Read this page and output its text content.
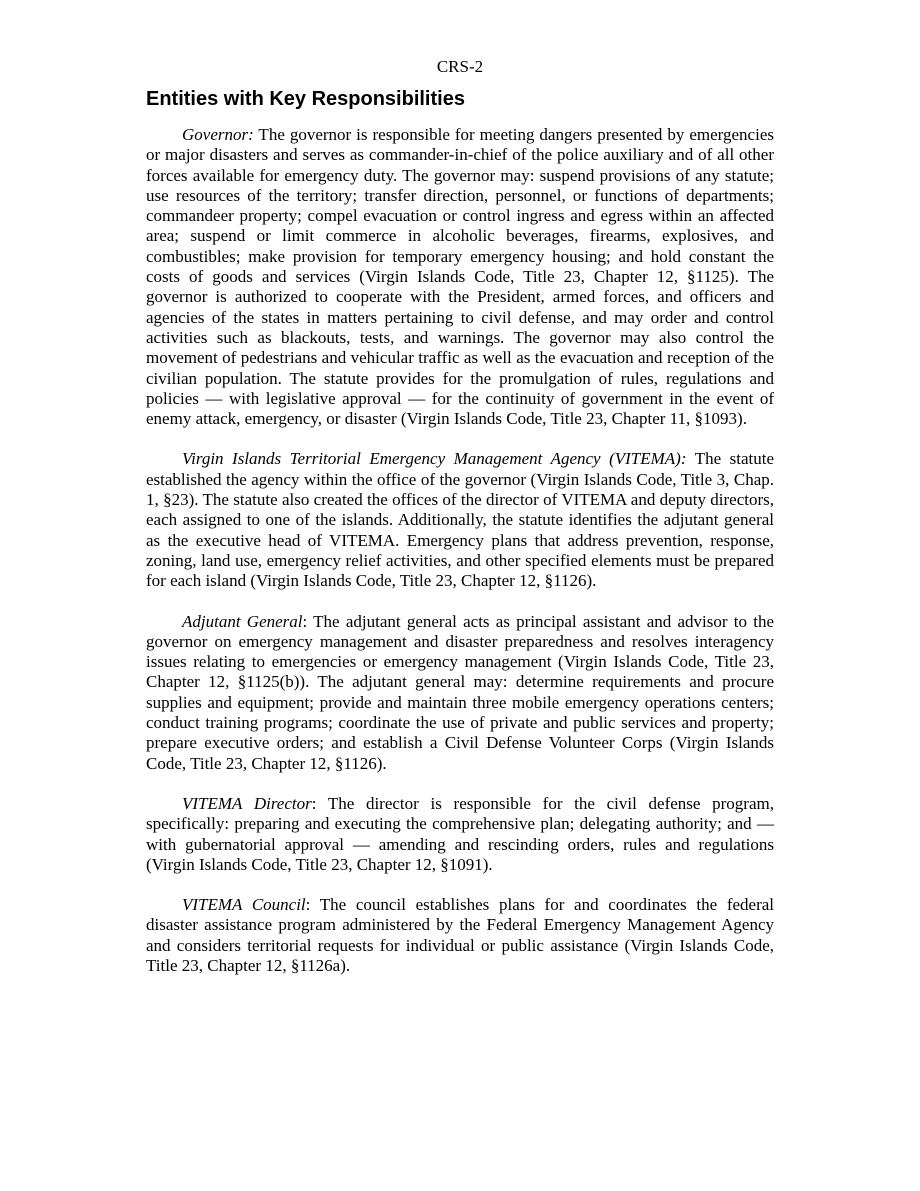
CRS-2
Entities with Key Responsibilities

Governor: The governor is responsible for meeting dangers presented by emergencies or major disasters and serves as commander-in-chief of the police auxiliary and of all other forces available for emergency duty. The governor may: suspend provisions of any statute; use resources of the territory; transfer direction, personnel, or functions of departments; commandeer property; compel evacuation or control ingress and egress within an affected area; suspend or limit commerce in alcoholic beverages, firearms, explosives, and combustibles; make provision for temporary emergency housing; and hold constant the costs of goods and services (Virgin Islands Code, Title 23, Chapter 12, §1125). The governor is authorized to cooperate with the President, armed forces, and officers and agencies of the states in matters pertaining to civil defense, and may order and control activities such as blackouts, tests, and warnings. The governor may also control the movement of pedestrians and vehicular traffic as well as the evacuation and reception of the civilian population. The statute provides for the promulgation of rules, regulations and policies — with legislative approval — for the continuity of government in the event of enemy attack, emergency, or disaster (Virgin Islands Code, Title 23, Chapter 11, §1093).

Virgin Islands Territorial Emergency Management Agency (VITEMA): The statute established the agency within the office of the governor (Virgin Islands Code, Title 3, Chap. 1, §23). The statute also created the offices of the director of VITEMA and deputy directors, each assigned to one of the islands. Additionally, the statute identifies the adjutant general as the executive head of VITEMA. Emergency plans that address prevention, response, zoning, land use, emergency relief activities, and other specified elements must be prepared for each island (Virgin Islands Code, Title 23, Chapter 12, §1126).

Adjutant General: The adjutant general acts as principal assistant and advisor to the governor on emergency management and disaster preparedness and resolves interagency issues relating to emergencies or emergency management (Virgin Islands Code, Title 23, Chapter 12, §1125(b)). The adjutant general may: determine requirements and procure supplies and equipment; provide and maintain three mobile emergency operations centers; conduct training programs; coordinate the use of private and public services and property; prepare executive orders; and establish a Civil Defense Volunteer Corps (Virgin Islands Code, Title 23, Chapter 12, §1126).

VITEMA Director: The director is responsible for the civil defense program, specifically: preparing and executing the comprehensive plan; delegating authority; and — with gubernatorial approval — amending and rescinding orders, rules and regulations (Virgin Islands Code, Title 23, Chapter 12, §1091).

VITEMA Council: The council establishes plans for and coordinates the federal disaster assistance program administered by the Federal Emergency Management Agency and considers territorial requests for individual or public assistance (Virgin Islands Code, Title 23, Chapter 12, §1126a).
